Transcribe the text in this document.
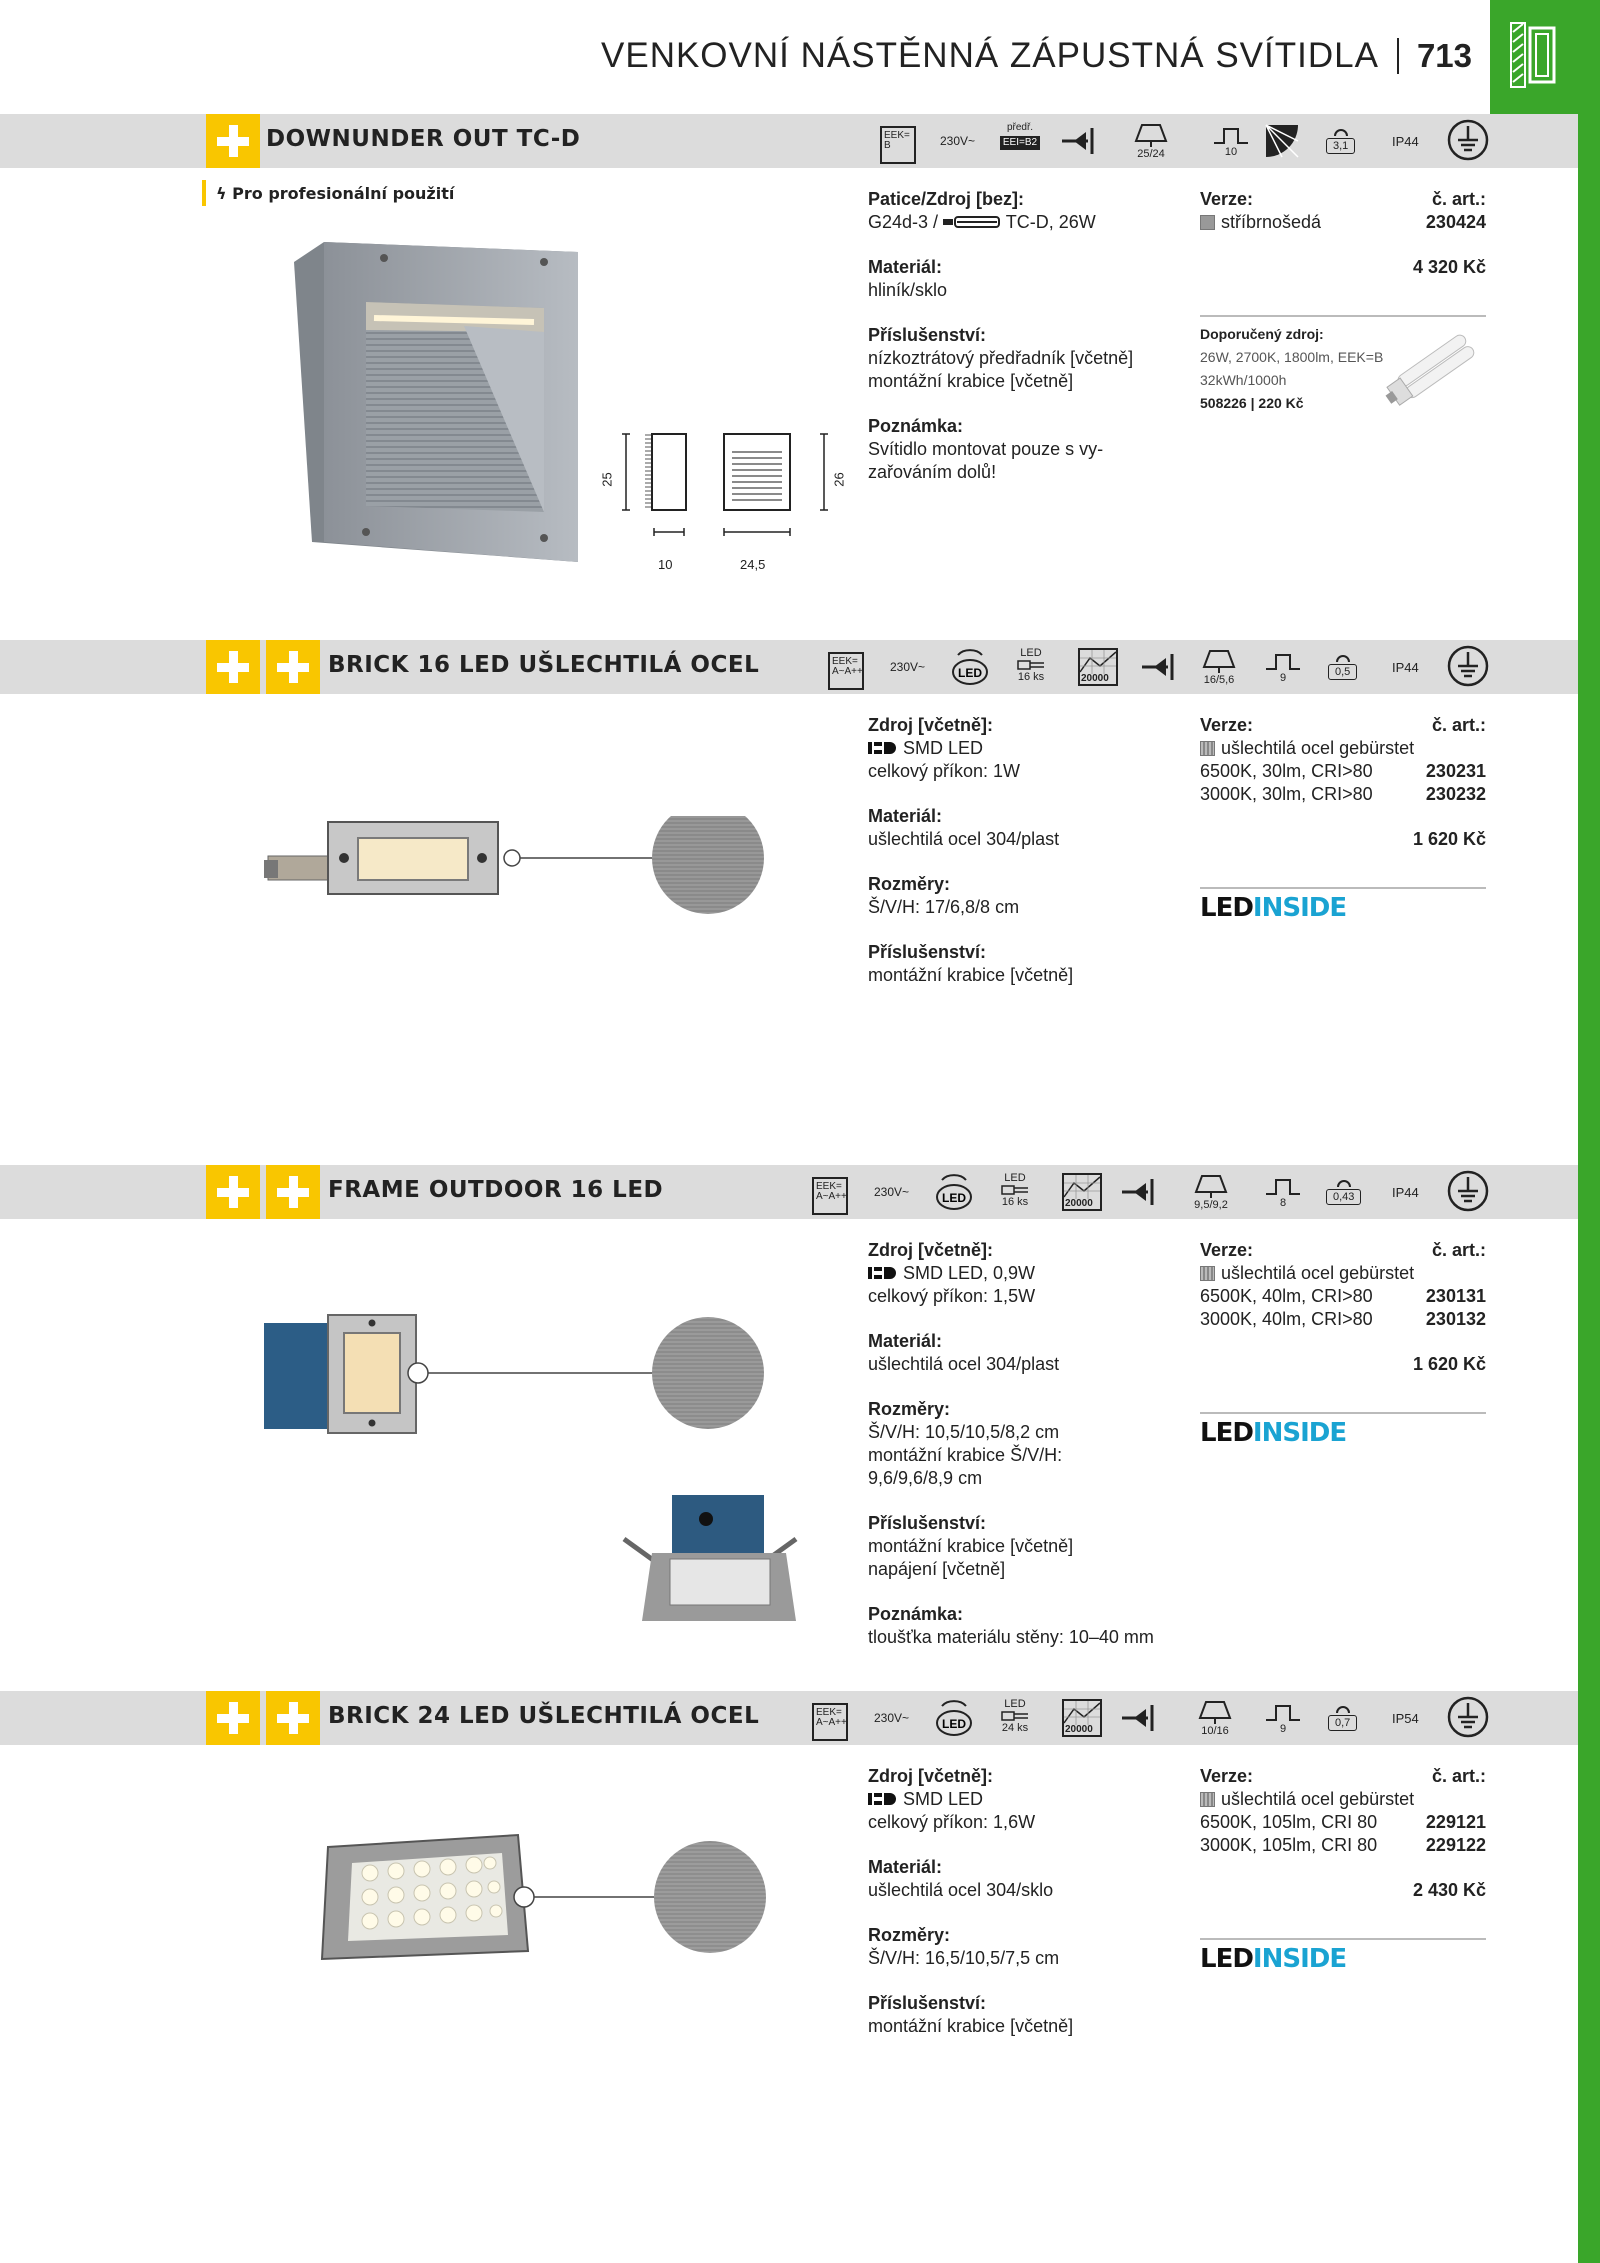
VENKOVNÍ NÁSTĚNNÁ ZÁPUSTNÁ SVÍTIDLA 713
DOWNUNDER OUT TC-D	EEK=
B	230V~
předř.
EEI=B2
25/24	10	3,1	IP44
ϟ Pro profesionální použití
25	26
10	24,5
Patice/Zdroj [bez]:
G24d-3 /	TC-D, 26W
Materiál:
hliník/sklo
Příslušenství:
nízkoztrátový předřadník [včetně]
montážní krabice [včetně]
Poznámka:
Svítidlo montovat pouze s vy-
zařováním dolů!
Verze:	č. art.:
stříbrnošedá	230424
4 320 Kč
Doporučený zdroj:
26W, 2700K, 1800lm, EEK=B
32kWh/1000h
508226 | 220 Kč
BRICK 16 LED UŠLECHTILÁ OCEL	EEK=
A~A++ 230V~	LED
LED
16 ks	20000	16/5,6	9	0,5	IP44
Zdroj [včetně]:
SMD LED
celkový příkon: 1W
Materiál:
ušlechtilá ocel 304/plast
Rozměry:
Š/V/H: 17/6,8/8 cm
Příslušenství:
montážní krabice [včetně]
Verze:	č. art.:
ušlechtilá ocel gebürstet
6500K, 30lm, CRI>80	230231
3000K, 30lm, CRI>80	230232
1 620 Kč
LEDINSIDE
FRAME OUTDOOR 16 LED	EEK=
A~A++ 230V~	LED
LED
16 ks	20000	9,5/9,2	8	0,43	IP44
Zdroj [včetně]:
SMD LED, 0,9W
celkový příkon: 1,5W
Materiál:
ušlechtilá ocel 304/plast
Rozměry:
Š/V/H: 10,5/10,5/8,2 cm
montážní krabice Š/V/H:
9,6/9,6/8,9 cm
Příslušenství:
montážní krabice [včetně]
napájení [včetně]
Poznámka:
tloušťka materiálu stěny: 10–40 mm
Verze:	č. art.:
ušlechtilá ocel gebürstet
6500K, 40lm, CRI>80	230131
3000K, 40lm, CRI>80	230132
1 620 Kč
LEDINSIDE
BRICK 24 LED UŠLECHTILÁ OCEL	EEK=
A~A++ 230V~	LED
LED
24 ks	20000	10/16	9	0,7	IP54
Zdroj [včetně]:
SMD LED
celkový příkon: 1,6W
Materiál:
ušlechtilá ocel 304/sklo
Rozměry:
Š/V/H: 16,5/10,5/7,5 cm
Příslušenství:
montážní krabice [včetně]
Verze:	č. art.:
ušlechtilá ocel gebürstet
6500K, 105lm, CRI 80	229121
3000K, 105lm, CRI 80	229122
2 430 Kč
LEDINSIDE
